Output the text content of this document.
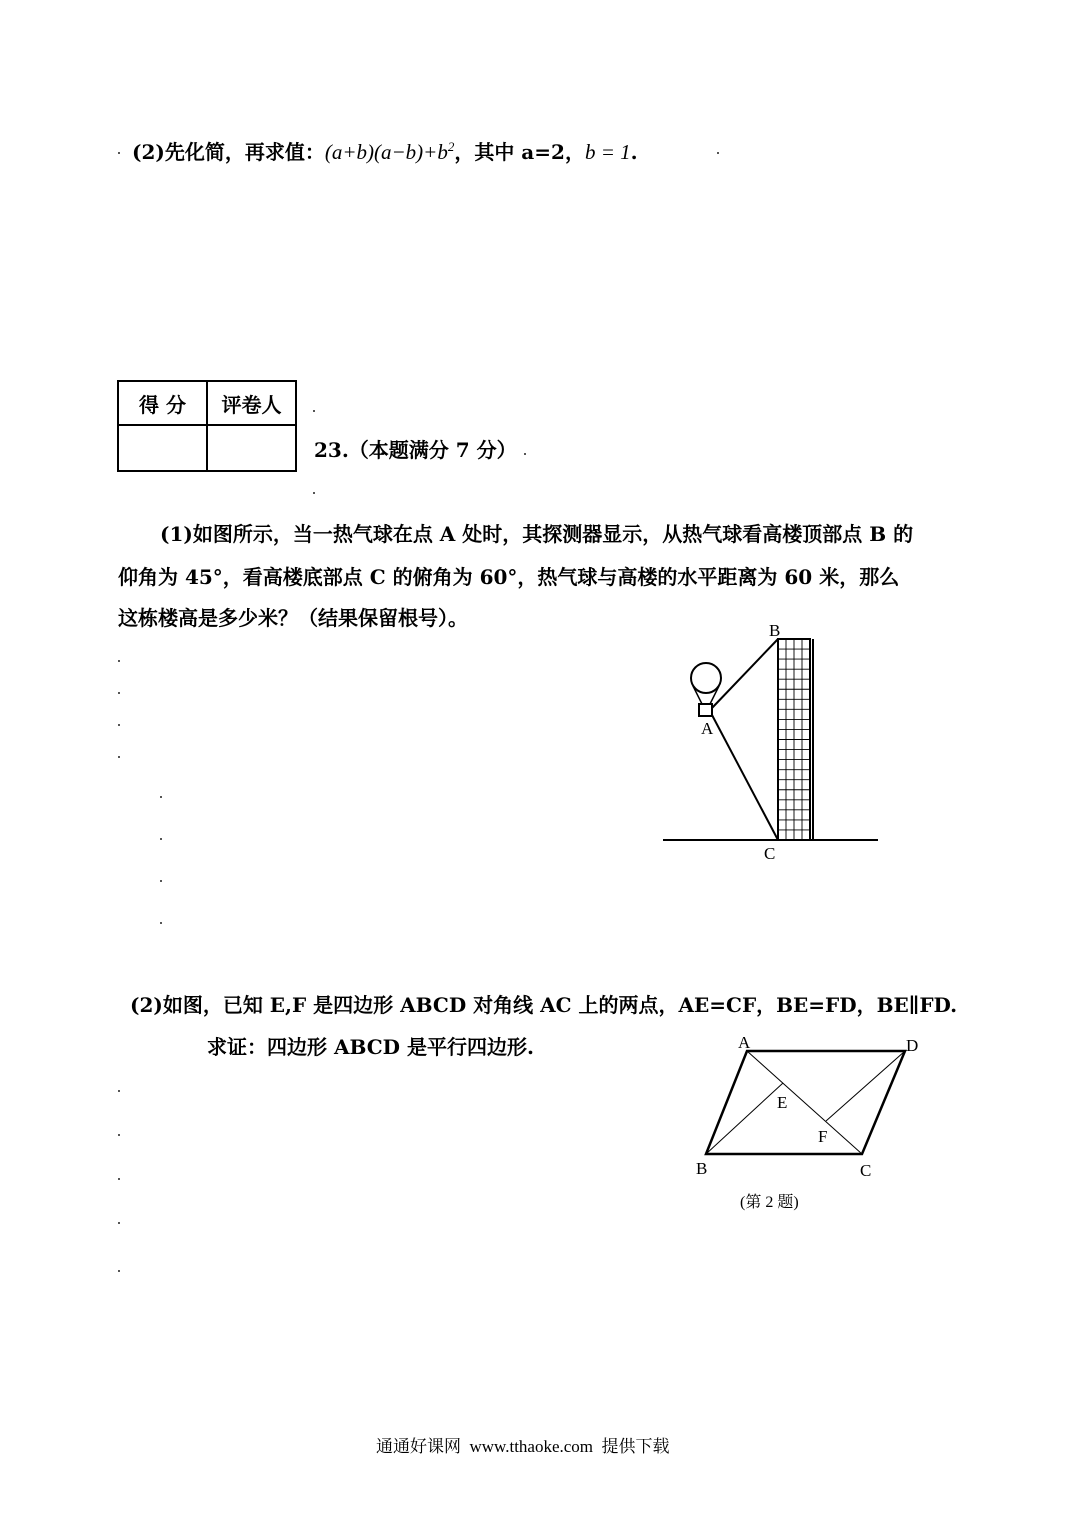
(2)先化简，再求值：$(a+b)(a-b)+b^2$，其中 a=2，b = 1.
得 分	评卷人

23.（本题满分 7 分）
(1)如图所示，当一热气球在点 A 处时，其探测器显示，从热气球看高楼顶部点 B 的
仰角为 45°，看高楼底部点 C 的俯角为 60°，热气球与高楼的水平距离为 60 米，那么
这栋楼高是多少米？（结果保留根号）。
B
A
C
(2)如图，已知 E,F 是四边形 ABCD 对角线 AC 上的两点，AE=CF，BE=FD，BE∥FD.
求证：四边形 ABCD 是平行四边形.	A	D
E
F
B	C
(第 2 题)
通通好课网  www.tthaoke.com  提供下载
